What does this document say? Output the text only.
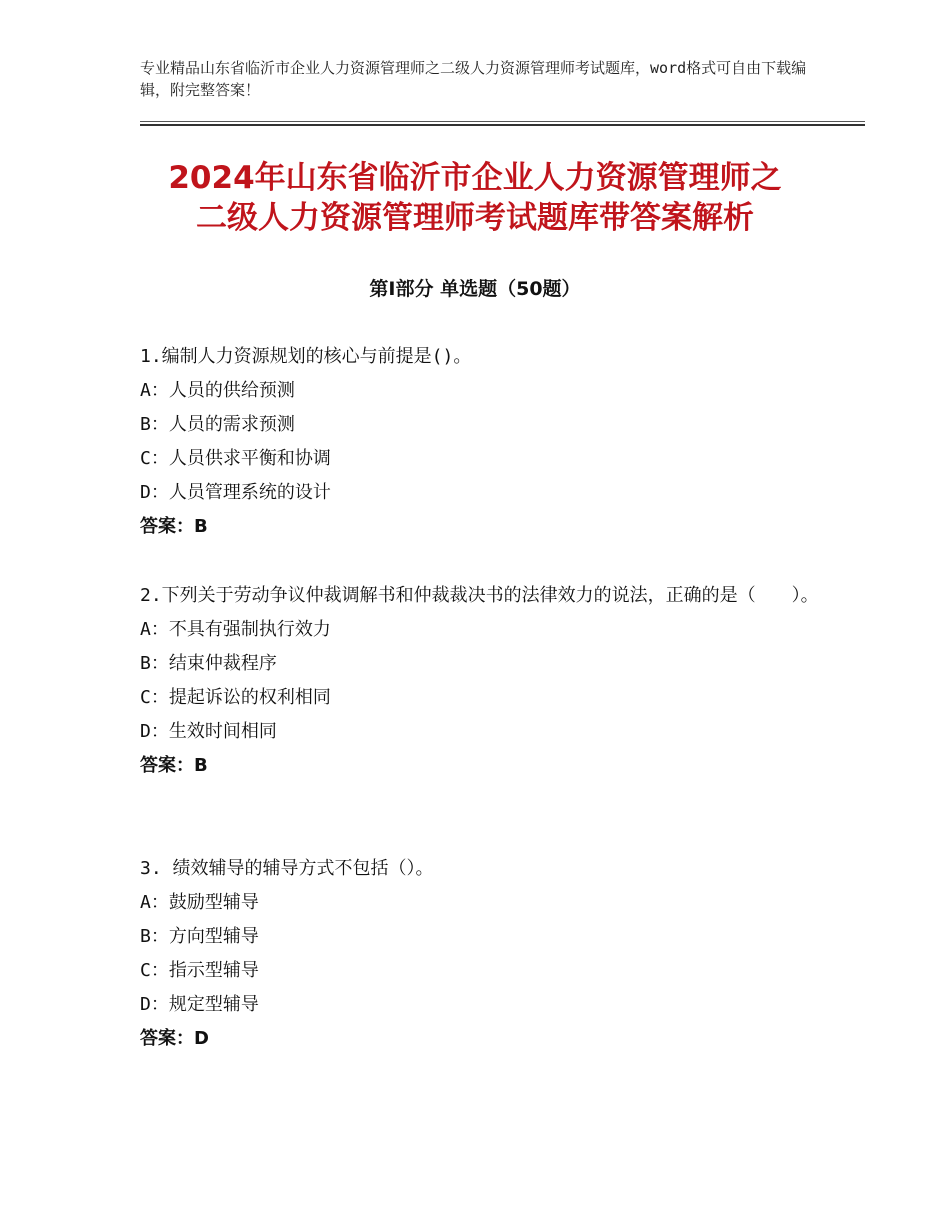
专业精品山东省临沂市企业人力资源管理师之二级人力资源管理师考试题库，word格式可自由下载编辑，附完整答案！
2024年山东省临沂市企业人力资源管理师之
二级人力资源管理师考试题库带答案解析
第Ⅰ部分 单选题（50题）

1.编制人力资源规划的核心与前提是()。

A：人员的供给预测

B：人员的需求预测

C：人员供求平衡和协调

D：人员管理系统的设计

答案：B

2.下列关于劳动争议仲裁调解书和仲裁裁决书的法律效力的说法，正确的是（　　）。

A：不具有强制执行效力

B：结束仲裁程序

C：提起诉讼的权利相同

D：生效时间相同

答案：B

3. 绩效辅导的辅导方式不包括（）。

A：鼓励型辅导

B：方向型辅导

C：指示型辅导

D：规定型辅导

答案：D
